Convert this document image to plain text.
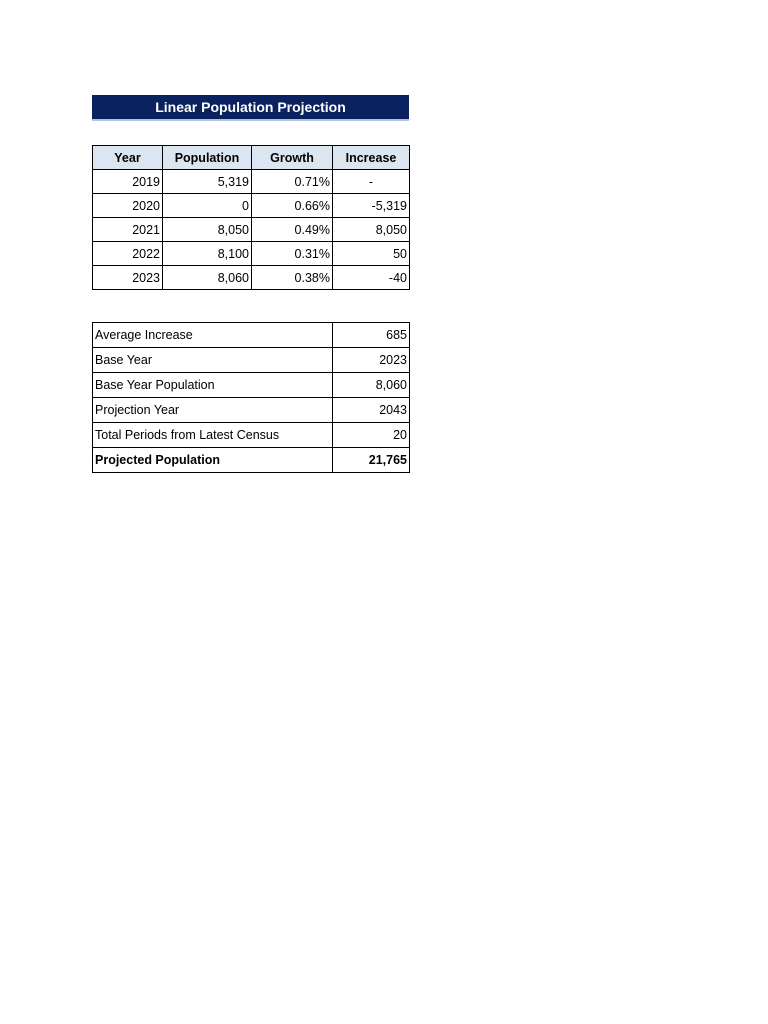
Linear Population Projection
Year	Population	Growth	Increase
2019	5,319	0.71%	-
2020	0	0.66%	-5,319
2021	8,050	0.49%	8,050
2022	8,100	0.31%	50
2023	8,060	0.38%	-40
Average Increase	685
Base Year	2023
Base Year Population	8,060
Projection Year	2043
Total Periods from Latest Census	20
Projected Population	21,765
